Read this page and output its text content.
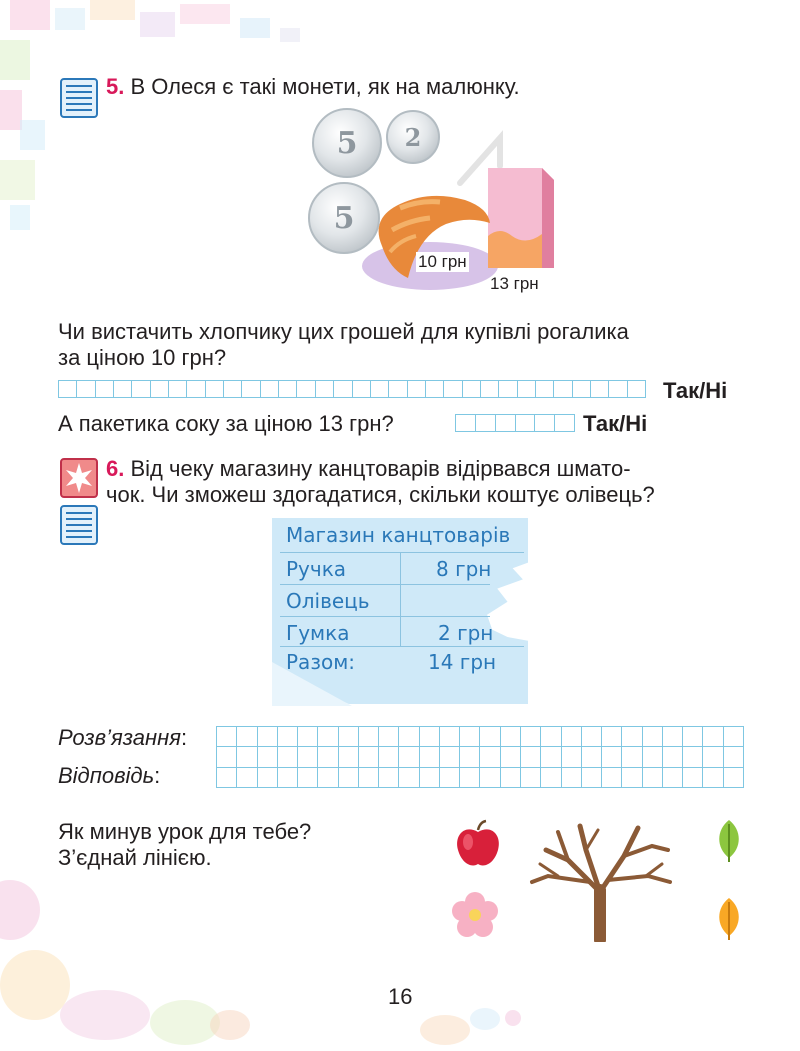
5. В Олеся є такі монети, як на малюнку.
5 2
5
10 грн
13 грн
Чи вистачить хлопчику цих грошей для купівлі рогалика
за ціною 10 грн?
Так/Ні
А пакетика соку за ціною 13 грн?	Так/Ні
6. Від чеку магазину канцтоварів відірвався шмато-
чок. Чи зможеш здогадатися, скільки коштує олівець?
Магазин канцтоварів
Ручка	8 грн
Олівець
Гумка	2 грн
Разом:	14 грн
Розв’язання:
Відповідь:
Як минув урок для тебе?
З’єднай лінією.
16
